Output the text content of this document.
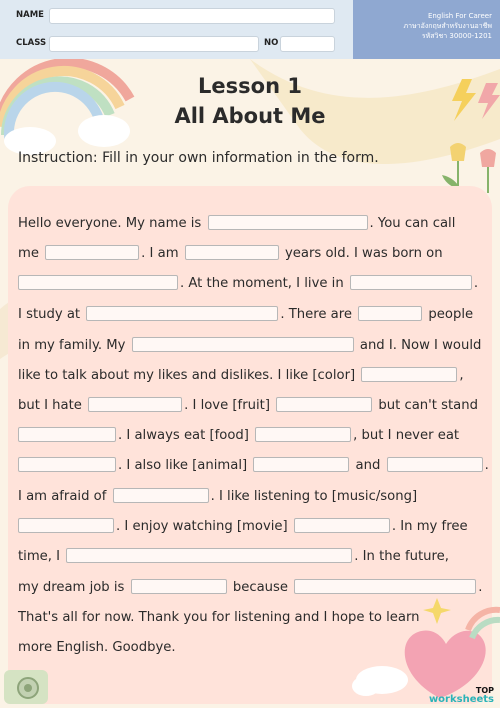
NAME
CLASS	NO
English For Career
ภาษาอังกฤษสำหรับงานอาชีพ
รหัสวิชา 30000-1201
Lesson 1
All About Me
Instruction: Fill in your own information in the form.
Hello everyone. My name is	. You can call
me	. I am	years old. I was born on
. At the moment, I live in	.
I study at	. There are	people
in my family. My	and I. Now I would
like to talk about my likes and dislikes. I like [color]	,
but I hate	. I love [fruit]	but can't stand
. I always eat [food]	, but I never eat
. I also like [animal]	and	.
I am afraid of	. I like listening to [music/song]
. I enjoy watching [movie]	. In my free
time, I	. In the future,
my dream job is	because	.
That's all for now. Thank you for listening and I hope to learn
more English. Goodbye.
TOP
worksheets
